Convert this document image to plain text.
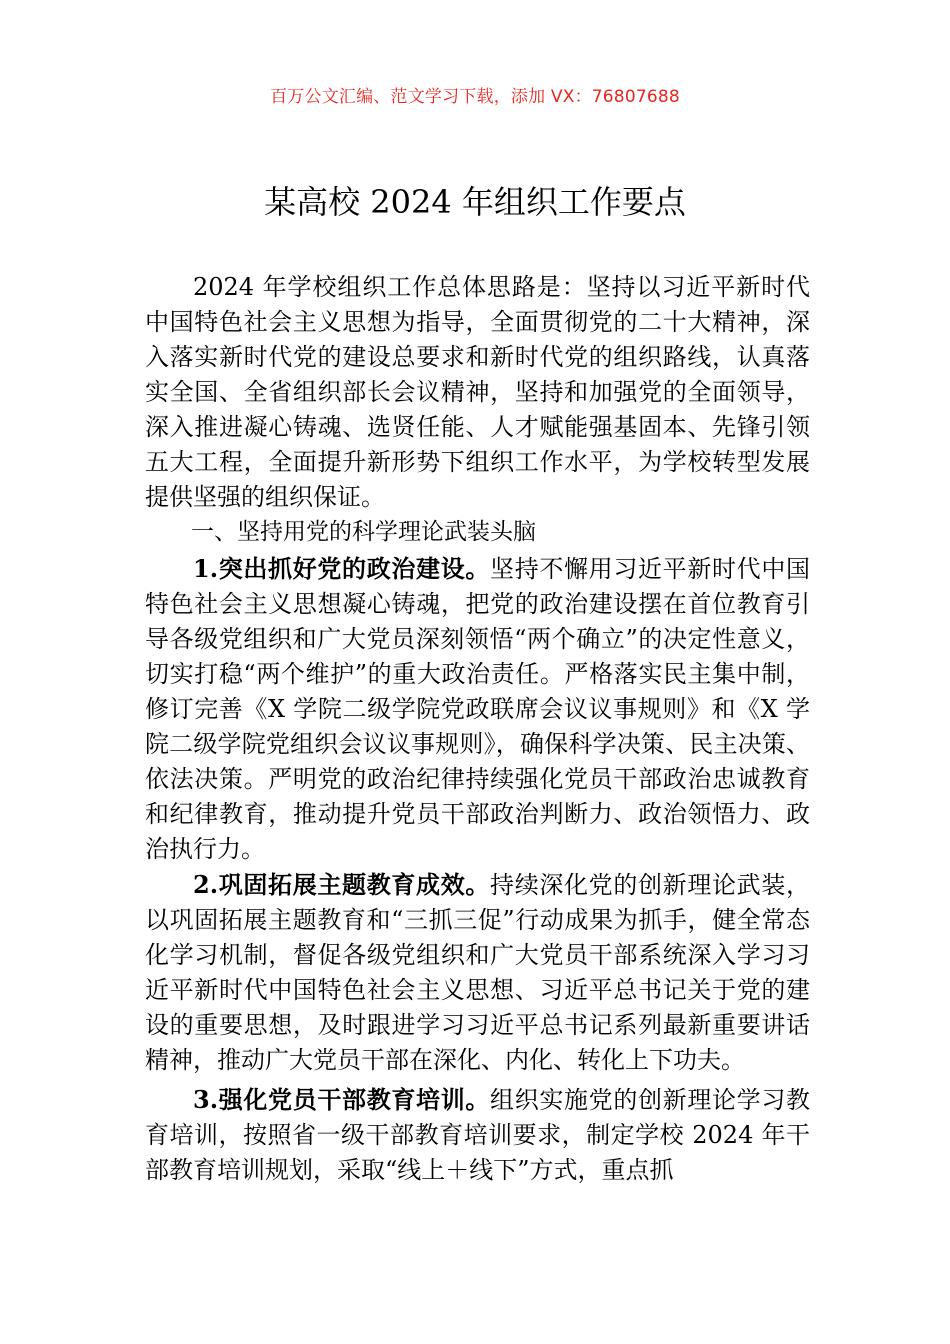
百万公文汇编、范文学习下载，添加 VX：76807688
某高校 2024 年组织工作要点

2024 年学校组织工作总体思路是：坚持以习近平新时代中国特色社会主义思想为指导，全面贯彻党的二十大精神，深入落实新时代党的建设总要求和新时代党的组织路线，认真落实全国、全省组织部长会议精神，坚持和加强党的全面领导，深入推进凝心铸魂、选贤任能、人才赋能强基固本、先锋引领五大工程，全面提升新形势下组织工作水平，为学校转型发展提供坚强的组织保证。

一、坚持用党的科学理论武装头脑

1.突出抓好党的政治建设。坚持不懈用习近平新时代中国特色社会主义思想凝心铸魂，把党的政治建设摆在首位教育引导各级党组织和广大党员深刻领悟“两个确立”的决定性意义，切实打稳“两个维护”的重大政治责任。严格落实民主集中制，修订完善《X 学院二级学院党政联席会议议事规则》和《X 学院二级学院党组织会议议事规则》，确保科学决策、民主决策、依法决策。严明党的政治纪律持续强化党员干部政治忠诚教育和纪律教育，推动提升党员干部政治判断力、政治领悟力、政治执行力。

2.巩固拓展主题教育成效。持续深化党的创新理论武装，以巩固拓展主题教育和“三抓三促”行动成果为抓手，健全常态化学习机制，督促各级党组织和广大党员干部系统深入学习习近平新时代中国特色社会主义思想、习近平总书记关于党的建设的重要思想，及时跟进学习习近平总书记系列最新重要讲话精神，推动广大党员干部在深化、内化、转化上下功夫。

3.强化党员干部教育培训。组织实施党的创新理论学习教育培训，按照省一级干部教育培训要求，制定学校 2024 年干部教育培训规划，采取“线上＋线下”方式，重点抓
